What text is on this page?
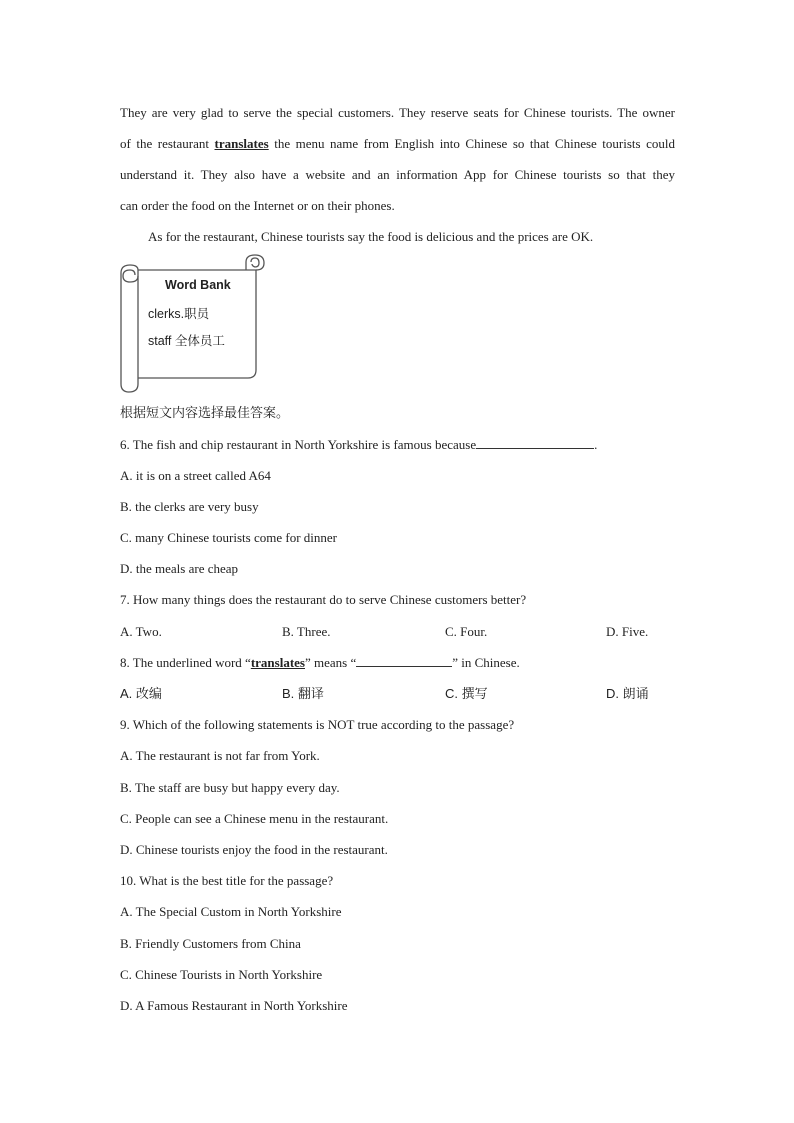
They are very glad to serve the special customers. They reserve seats for Chinese tourists. The owner
of the restaurant translates the menu name from English into Chinese so that Chinese tourists could
understand it. They also have a website and an information App for Chinese tourists so that they
can order the food on the Internet or on their phones.
As for the restaurant, Chinese tourists say the food is delicious and the prices are OK.
Word Bank
clerks.职员
staff 全体员工
根据短文内容选择最佳答案。
6. The fish and chip restaurant in North Yorkshire is famous because	.
A. it is on a street called A64
B. the clerks are very busy
C. many Chinese tourists come for dinner
D. the meals are cheap
7. How many things does the restaurant do to serve Chinese customers better?
A. Two.	B. Three.	C. Four.	D. Five.
8. The underlined word “translates” means “	” in Chinese.
A. 改编	B. 翻译	C. 撰写	D. 朗诵
9. Which of the following statements is NOT true according to the passage?
A. The restaurant is not far from York.
B. The staff are busy but happy every day.
C. People can see a Chinese menu in the restaurant.
D. Chinese tourists enjoy the food in the restaurant.
10. What is the best title for the passage?
A. The Special Custom in North Yorkshire
B. Friendly Customers from China
C. Chinese Tourists in North Yorkshire
D. A Famous Restaurant in North Yorkshire
